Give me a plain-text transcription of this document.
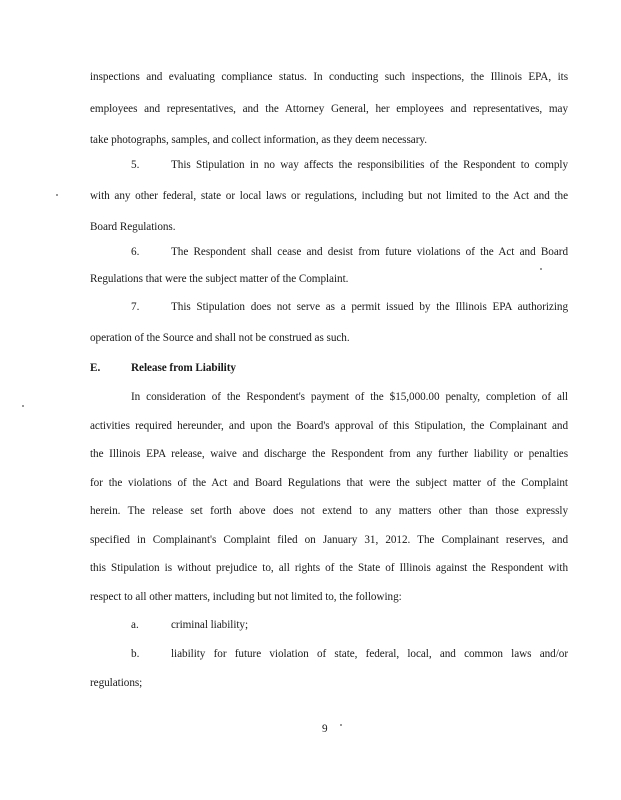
inspections and evaluating compliance status. In conducting such inspections, the Illinois EPA, its
employees and representatives, and the Attorney General, her employees and representatives, may
take photographs, samples, and collect information, as they deem necessary.
5.	This Stipulation in no way affects the responsibilities of the Respondent to comply
with any other federal, state or local laws or regulations, including but not limited to the Act and the
Board Regulations.
6.	The Respondent shall cease and desist from future violations of the Act and Board
Regulations that were the subject matter of the Complaint.
7.	This Stipulation does not serve as a permit issued by the Illinois EPA authorizing
operation of the Source and shall not be construed as such.
E.	Release from Liability
In consideration of the Respondent's payment of the $15,000.00 penalty, completion of all
activities required hereunder, and upon the Board's approval of this Stipulation, the Complainant and
the Illinois EPA release, waive and discharge the Respondent from any further liability or penalties
for the violations of the Act and Board Regulations that were the subject matter of the Complaint
herein. The release set forth above does not extend to any matters other than those expressly
specified in Complainant's Complaint filed on January 31, 2012. The Complainant reserves, and
this Stipulation is without prejudice to, all rights of the State of Illinois against the Respondent with
respect to all other matters, including but not limited to, the following:
a.	criminal liability;
b.	liability for future violation of state, federal, local, and common laws and/or
regulations;
9
